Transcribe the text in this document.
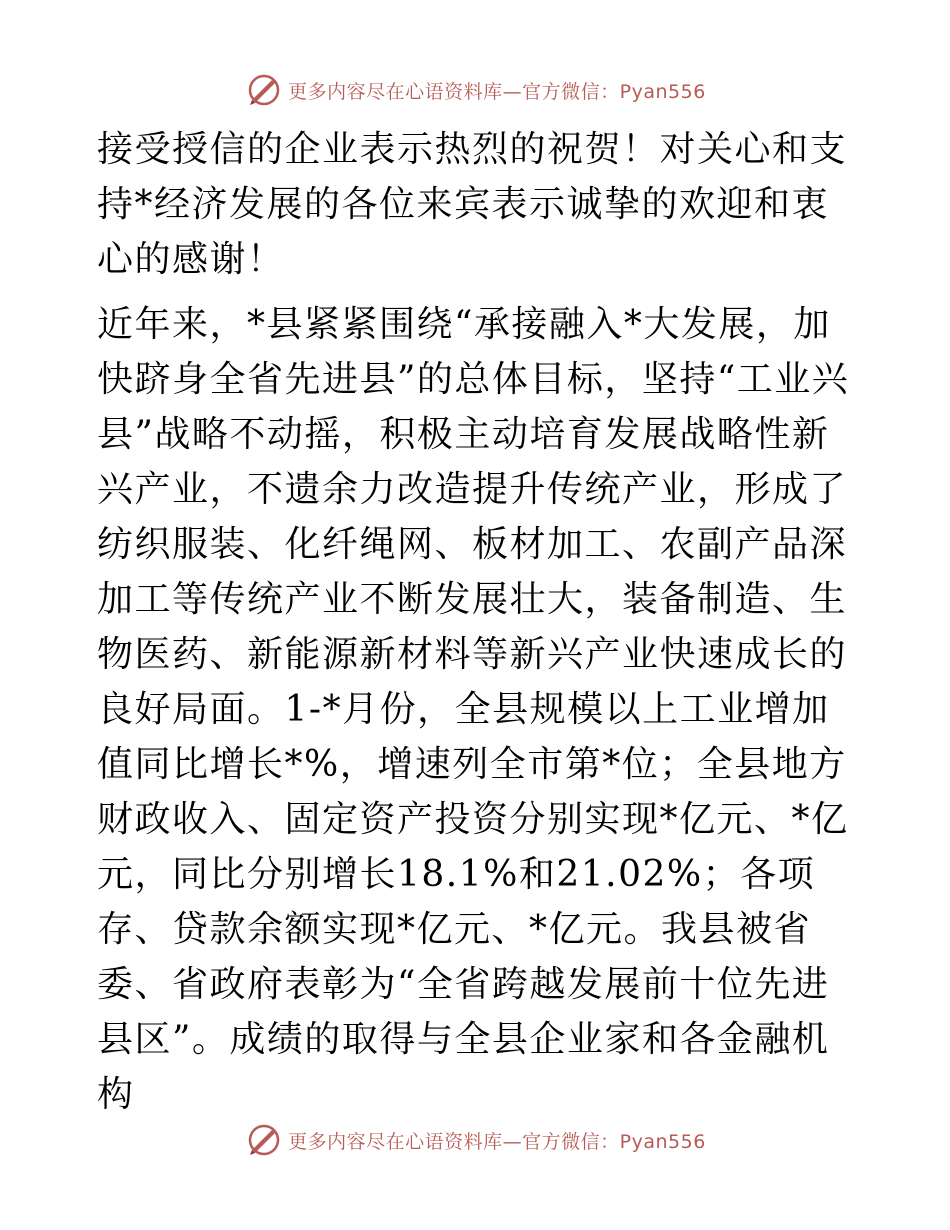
更多内容尽在心语资料库—官方微信：Pyan556

接受授信的企业表示热烈的祝贺！对关心和支持*经济发展的各位来宾表示诚挚的欢迎和衷心的感谢！

近年来，*县紧紧围绕“承接融入*大发展，加快跻身全省先进县”的总体目标，坚持“工业兴县”战略不动摇，积极主动培育发展战略性新兴产业，不遗余力改造提升传统产业，形成了纺织服装、化纤绳网、板材加工、农副产品深加工等传统产业不断发展壮大，装备制造、生物医药、新能源新材料等新兴产业快速成长的良好局面。1-*月份，全县规模以上工业增加值同比增长*%，增速列全市第*位；全县地方财政收入、固定资产投资分别实现*亿元、*亿元，同比分别增长18.1%和21.02%；各项存、贷款余额实现*亿元、*亿元。我县被省委、省政府表彰为“全省跨越发展前十位先进县区”。成绩的取得与全县企业家和各金融机构

更多内容尽在心语资料库—官方微信：Pyan556
